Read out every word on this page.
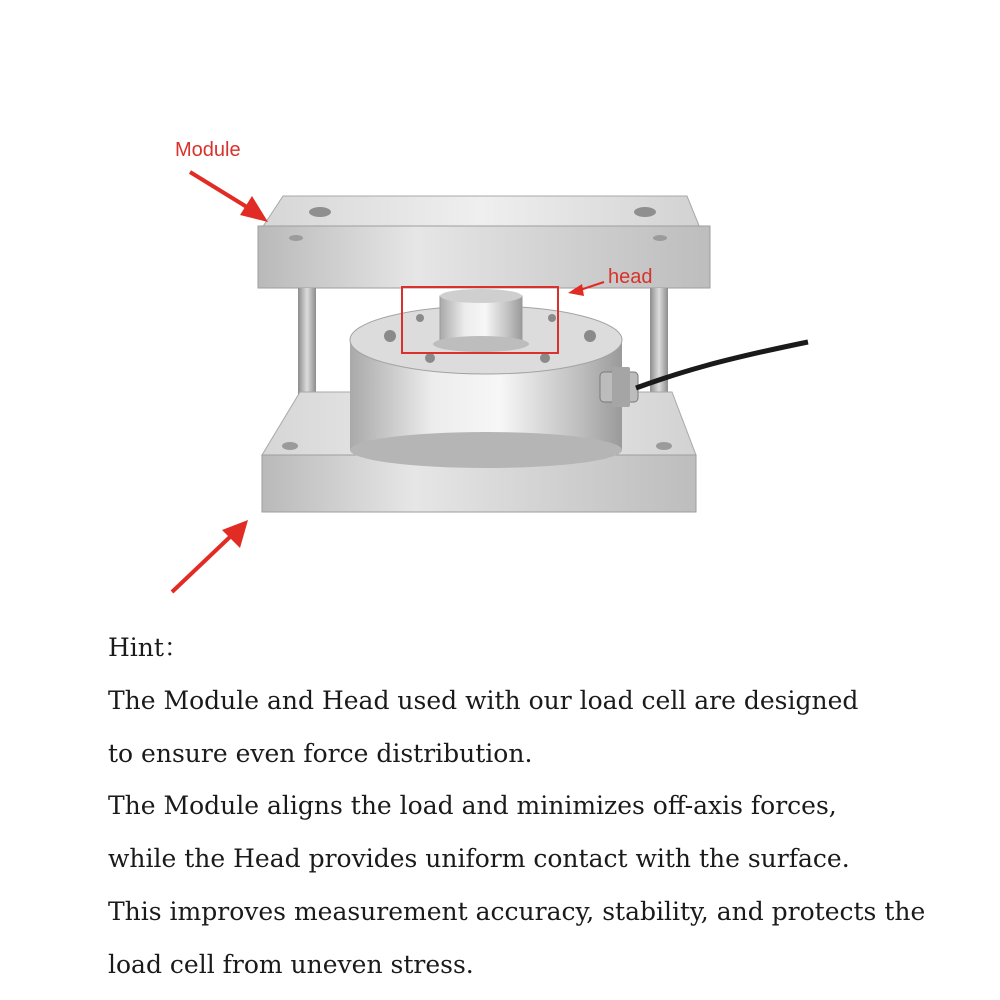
Module
head
Hint：
The Module and Head used with our load cell are designed
to ensure even force distribution.
The Module aligns the load and minimizes off-axis forces,
while the Head provides uniform contact with the surface.
This improves measurement accuracy, stability, and protects the
load cell from uneven stress.
